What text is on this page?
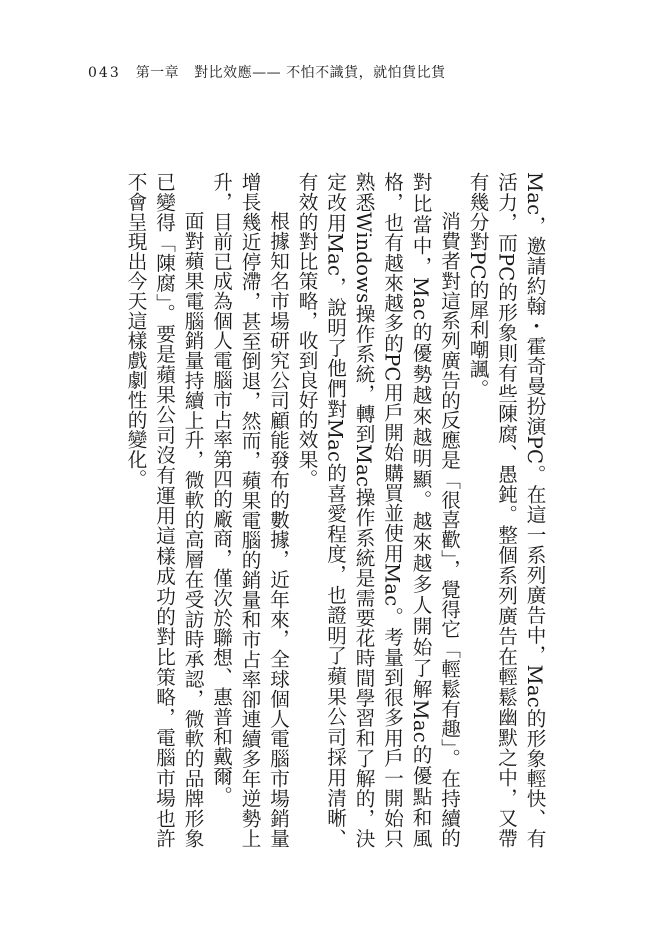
043 第一章 對比效應—— 不怕不識貨，就怕貨比貨

Mac，邀請約翰・霍奇曼扮演PC。在這一系列廣告中，Mac的形象輕快、有活力，而PC的形象則有些陳腐、愚鈍。整個系列廣告在輕鬆幽默之中，又帶有幾分對PC的犀利嘲諷。

消費者對這系列廣告的反應是「很喜歡」，覺得它「輕鬆有趣」。在持續的對比當中，Mac的優勢越來越明顯。越來越多人開始了解Mac的優點和風格，也有越來越多的PC用戶開始購買並使用Mac。考量到很多用戶一開始只熟悉Windows操作系統，轉到Mac操作系統是需要花時間學習和了解的，決定改用Mac，說明了他們對Mac的喜愛程度，也證明了蘋果公司採用清晰、有效的對比策略，收到良好的效果。

根據知名市場研究公司顧能發布的數據，近年來，全球個人電腦市場銷量增長幾近停滯，甚至倒退，然而，蘋果電腦的銷量和市占率卻連續多年逆勢上升，目前已成為個人電腦市占率第四的廠商，僅次於聯想、惠普和戴爾。

面對蘋果電腦銷量持續上升，微軟的高層在受訪時承認，微軟的品牌形象已變得「陳腐」。要是蘋果公司沒有運用這樣成功的對比策略，電腦市場也許不會呈現出今天這樣戲劇性的變化。
